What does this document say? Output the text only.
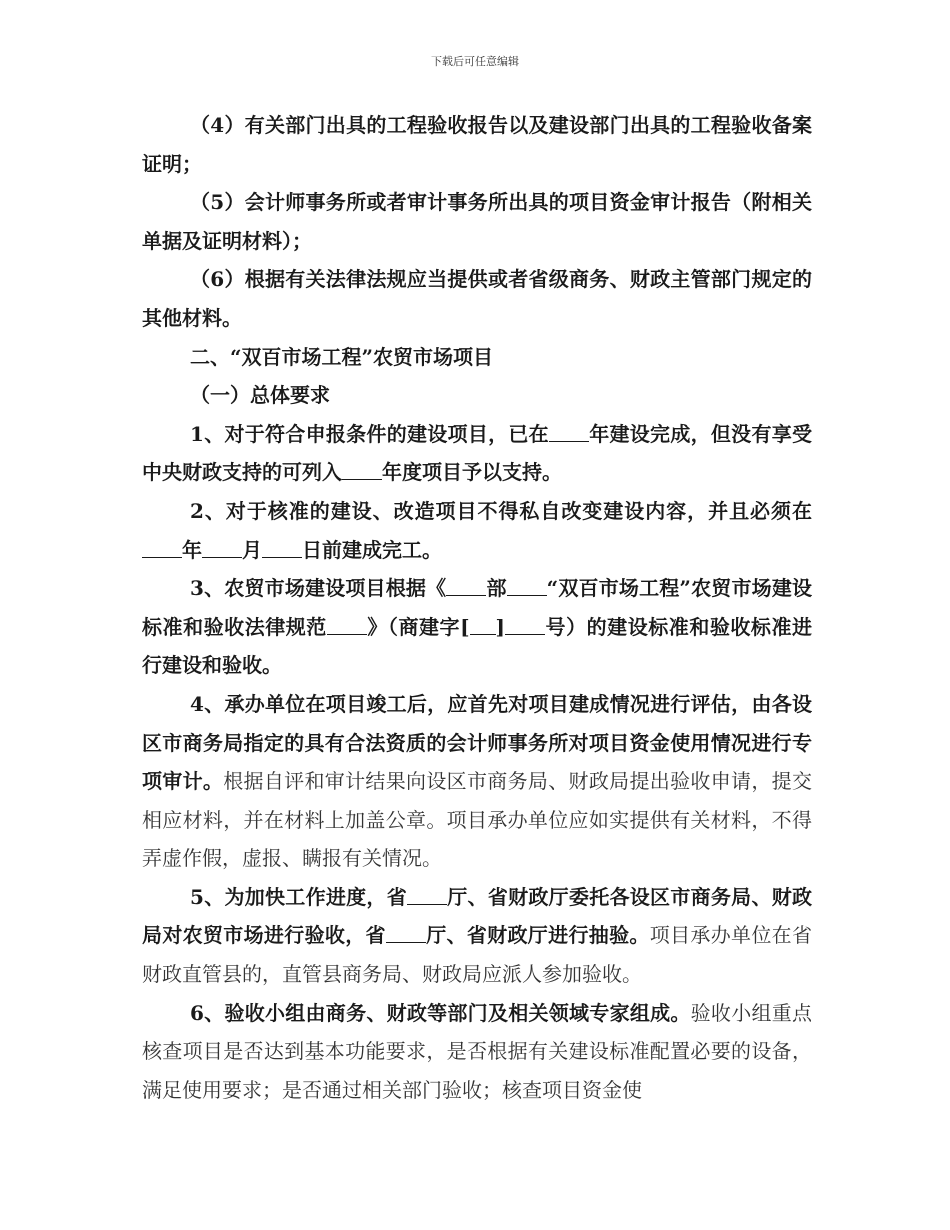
下载后可任意编辑

（4）有关部门出具的工程验收报告以及建设部门出具的工程验收备案证明；

（5）会计师事务所或者审计事务所出具的项目资金审计报告（附相关单据及证明材料）；

（6）根据有关法律法规应当提供或者省级商务、财政主管部门规定的其他材料。

二、“双百市场工程”农贸市场项目

（一）总体要求

1、对于符合申报条件的建设项目，已在 年建设完成，但没有享受中央财政支持的可列入 年度项目予以支持。

2、对于核准的建设、改造项目不得私自改变建设内容，并且必须在年 月 日前建成完工。

3、农贸市场建设项目根据《 部 “双百市场工程”农贸市场建设标准和验收法律规范 》（商建字[ ] 号）的建设标准和验收标准进行建设和验收。

4、承办单位在项目竣工后，应首先对项目建成情况进行评估，由各设区市商务局指定的具有合法资质的会计师事务所对项目资金使用情况进行专项审计。根据自评和审计结果向设区市商务局、财政局提出验收申请，提交相应材料，并在材料上加盖公章。项目承办单位应如实提供有关材料，不得弄虚作假，虚报、瞒报有关情况。

5、为加快工作进度，省 厅、省财政厅委托各设区市商务局、财政局对农贸市场进行验收，省 厅、省财政厅进行抽验。项目承办单位在省财政直管县的，直管县商务局、财政局应派人参加验收。

6、验收小组由商务、财政等部门及相关领域专家组成。验收小组重点核查项目是否达到基本功能要求，是否根据有关建设标准配置必要的设备，满足使用要求；是否通过相关部门验收；核查项目资金使
